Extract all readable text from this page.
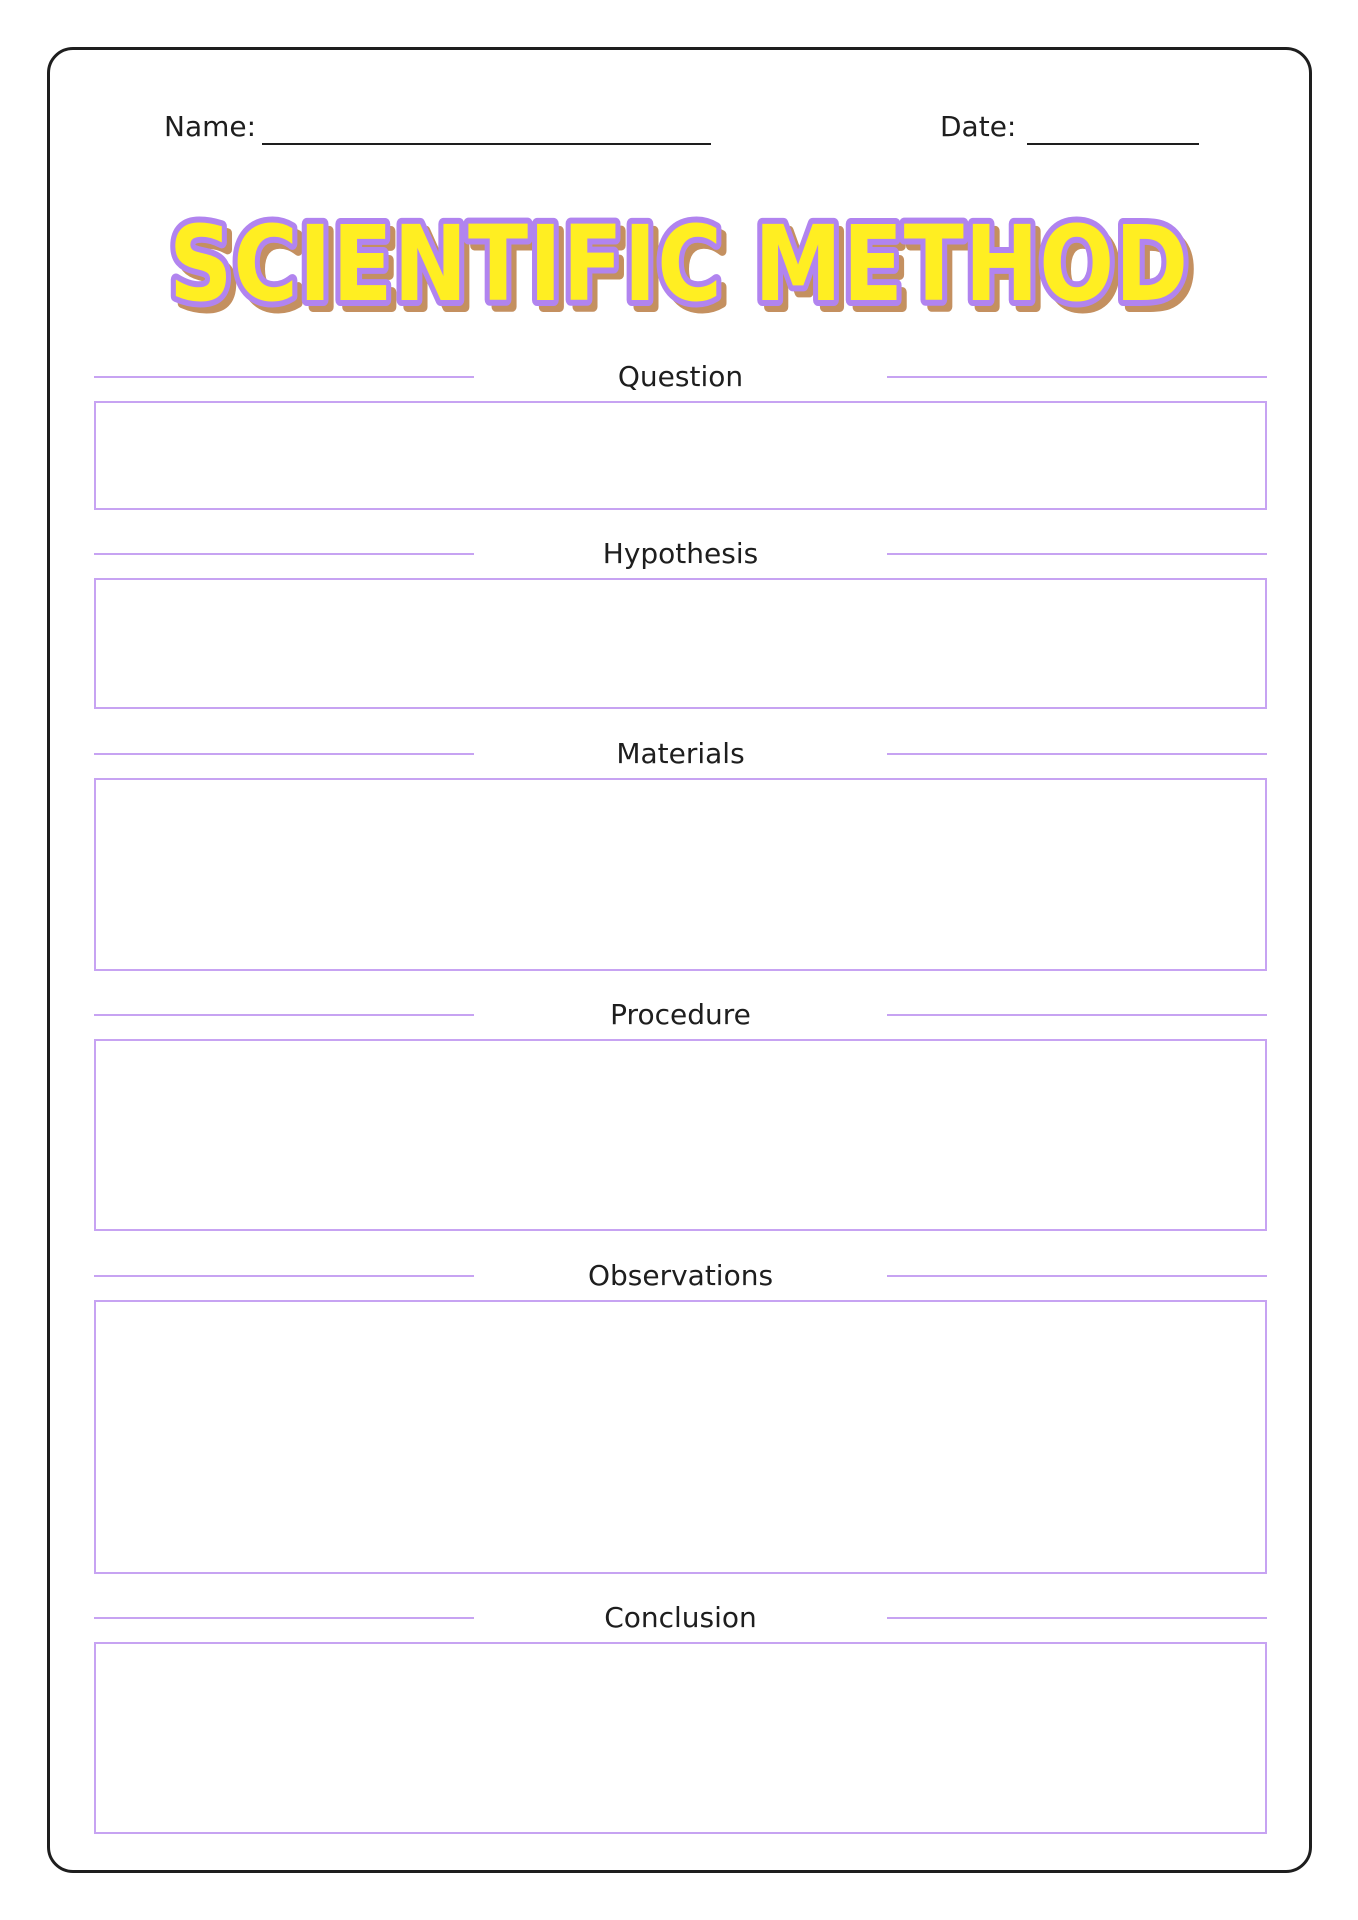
Name:	Date:
SCIENTIFIC METHOD
SCIENTIFIC METHOD
SCIENTIFIC METHOD
Question
Hypothesis
Materials
Procedure
Observations
Conclusion
